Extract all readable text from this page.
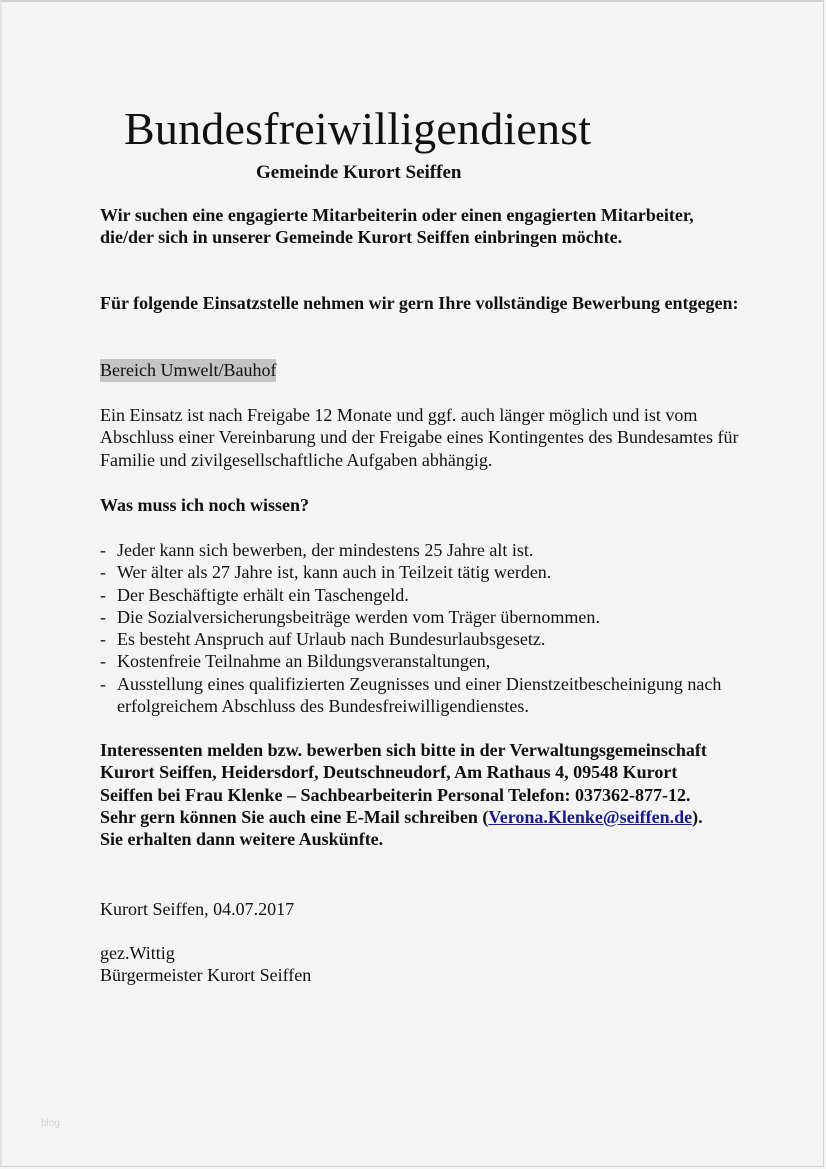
Bundesfreiwilligendienst
Gemeinde Kurort Seiffen

Wir suchen eine engagierte Mitarbeiterin oder einen engagierten Mitarbeiter, die/der sich in unserer Gemeinde Kurort Seiffen einbringen möchte.

Für folgende Einsatzstelle nehmen wir gern Ihre vollständige Bewerbung entgegen:

Bereich Umwelt/Bauhof

Ein Einsatz ist nach Freigabe 12 Monate und ggf. auch länger möglich und ist vom Abschluss einer Vereinbarung und der Freigabe eines Kontingentes des Bundesamtes für Familie und zivilgesellschaftliche Aufgaben abhängig.

Was muss ich noch wissen?

- Jeder kann sich bewerben, der mindestens 25 Jahre alt ist.
- Wer älter als 27 Jahre ist, kann auch in Teilzeit tätig werden.
- Der Beschäftigte erhält ein Taschengeld.
- Die Sozialversicherungsbeiträge werden vom Träger übernommen.
- Es besteht Anspruch auf Urlaub nach Bundesurlaubsgesetz.
- Kostenfreie Teilnahme an Bildungsveranstaltungen,
- Ausstellung eines qualifizierten Zeugnisses und einer Dienstzeitbescheinigung nach erfolgreichem Abschluss des Bundesfreiwilligendienstes.

Interessenten melden bzw. bewerben sich bitte in der Verwaltungsgemeinschaft Kurort Seiffen, Heidersdorf, Deutschneudorf, Am Rathaus 4, 09548 Kurort Seiffen bei Frau Klenke – Sachbearbeiterin Personal Telefon: 037362-877-12. Sehr gern können Sie auch eine E-Mail schreiben (Verona.Klenke@seiffen.de). Sie erhalten dann weitere Auskünfte.

Kurort Seiffen, 04.07.2017

gez.Wittig

Bürgermeister Kurort Seiffen

blog
